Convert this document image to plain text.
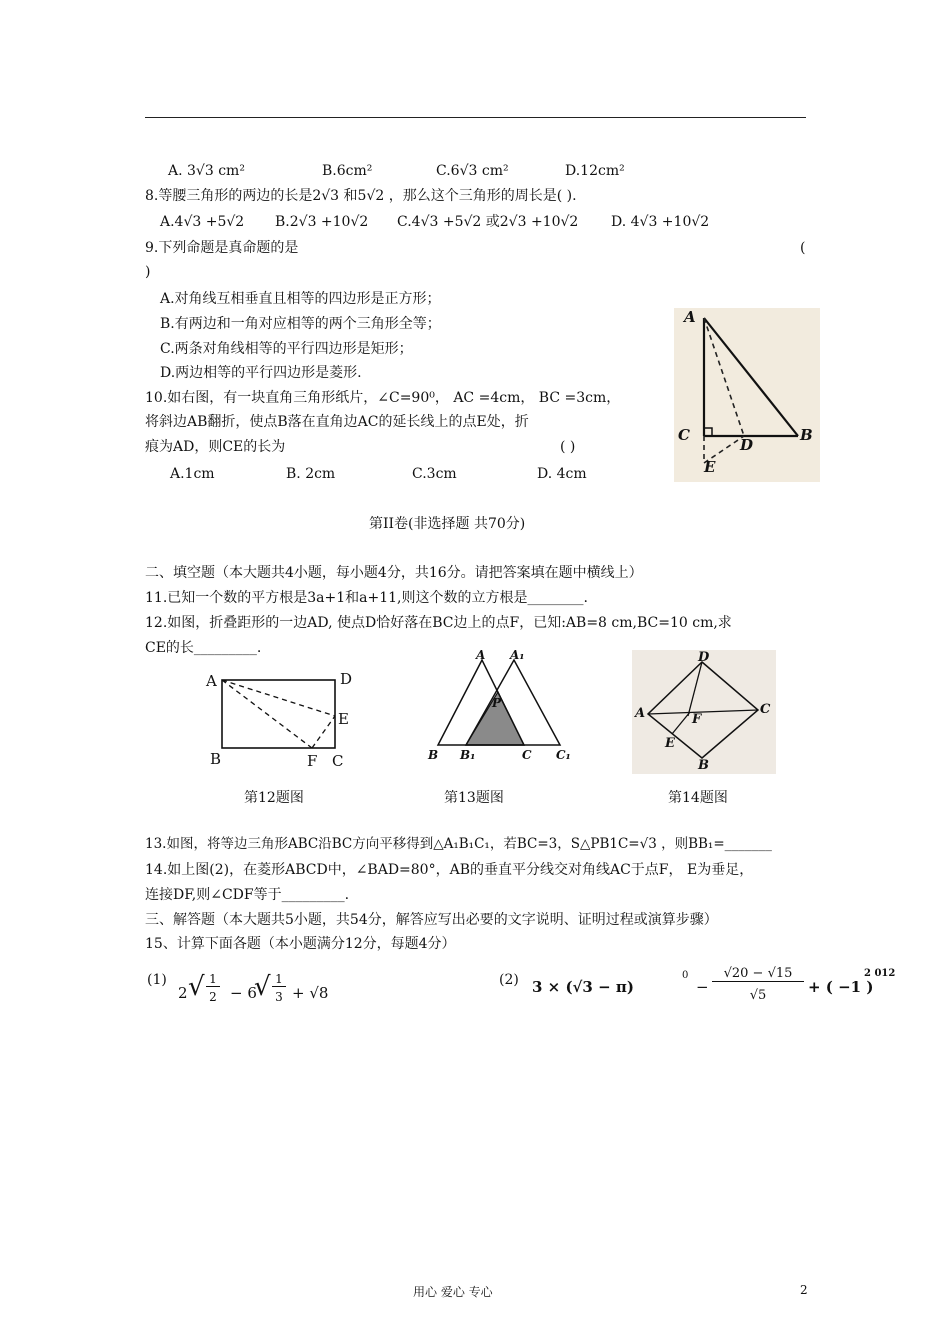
A. 3√3 cm²	B.6cm²	C.6√3 cm²	D.12cm²
8.等腰三角形的两边的长是2√3 和5√2 ，那么这个三角形的周长是( ).
A.4√3 +5√2 B.2√3 +10√2 C.4√3 +5√2 或2√3 +10√2 D. 4√3 +10√2
9.下列命题是真命题的是	(
)
A.对角线互相垂直且相等的四边形是正方形；
B.有两边和一角对应相等的两个三角形全等；
C.两条对角线相等的平行四边形是矩形；
D.两边相等的平行四边形是菱形.
10.如右图，有一块直角三角形纸片，∠C=90⁰， AC =4cm， BC =3cm，
将斜边AB翻折，使点B落在直角边AC的延长线上的点E处，折
痕为AD，则CE的长为	( )
A.1cm	B. 2cm	C.3cm	D. 4cm
A
C
D
B
E
第II卷(非选择题 共70分)
二、填空题（本大题共4小题，每小题4分，共16分。请把答案填在题中横线上）
11.已知一个数的平方根是3a+1和a+11,则这个数的立方根是________.
12.如图，折叠距形的一边AD, 使点D恰好落在BC边上的点F，已知:AB=8 cm,BC=10 cm,求
CE的长_________.
A	D
E
B	F C
A A₁
P
B B₁	C C₁
D
A	F
C
E
B
第12题图	第13题图	第14题图
13.如图，将等边三角形ABC沿BC方向平移得到△A₁B₁C₁，若BC=3，S△PB1C=√3 ，则BB₁=_______
14.如上图(2)，在菱形ABCD中，∠BAD=80°，AB的垂直平分线交对角线AC于点F， E为垂足，
连接DF,则∠CDF等于_________.
三、解答题（本大题共5小题，共54分，解答应写出必要的文字说明、证明过程或演算步骤）
15、计算下面各题（本小题满分12分，每题4分）
(1)
2 √ 1
2 − 6
√ 1
3 + √8
(2) 3 × (√3 − π)
0
−
√20 − √15
√5	+ ( −1 )
2 012
用心 爱心 专心	2
